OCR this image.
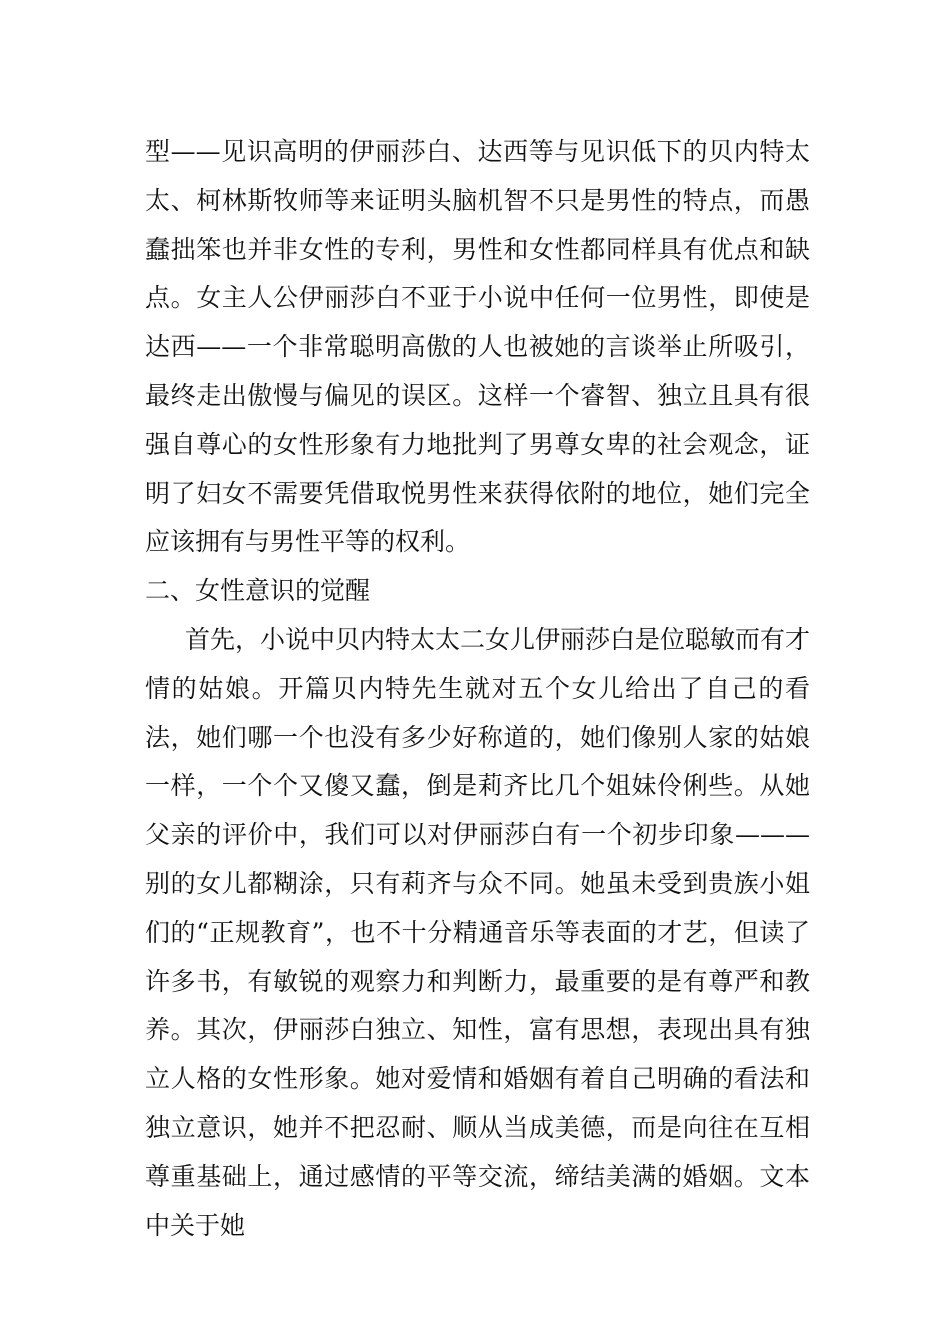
型——见识高明的伊丽莎白、达西等与见识低下的贝内特太太、柯林斯牧师等来证明头脑机智不只是男性的特点，而愚蠢拙笨也并非女性的专利，男性和女性都同样具有优点和缺点。女主人公伊丽莎白不亚于小说中任何一位男性，即使是达西——一个非常聪明高傲的人也被她的言谈举止所吸引，最终走出傲慢与偏见的误区。这样一个睿智、独立且具有很强自尊心的女性形象有力地批判了男尊女卑的社会观念，证明了妇女不需要凭借取悦男性来获得依附的地位，她们完全应该拥有与男性平等的权利。

二、女性意识的觉醒

首先，小说中贝内特太太二女儿伊丽莎白是位聪敏而有才情的姑娘。开篇贝内特先生就对五个女儿给出了自己的看法，她们哪一个也没有多少好称道的，她们像别人家的姑娘一样，一个个又傻又蠢，倒是莉齐比几个姐妹伶俐些。从她父亲的评价中，我们可以对伊丽莎白有一个初步印象———别的女儿都糊涂，只有莉齐与众不同。她虽未受到贵族小姐们的“正规教育”，也不十分精通音乐等表面的才艺，但读了许多书，有敏锐的观察力和判断力，最重要的是有尊严和教养。其次，伊丽莎白独立、知性，富有思想，表现出具有独立人格的女性形象。她对爱情和婚姻有着自己明确的看法和独立意识，她并不把忍耐、顺从当成美德，而是向往在互相尊重基础上，通过感情的平等交流，缔结美满的婚姻。文本中关于她
